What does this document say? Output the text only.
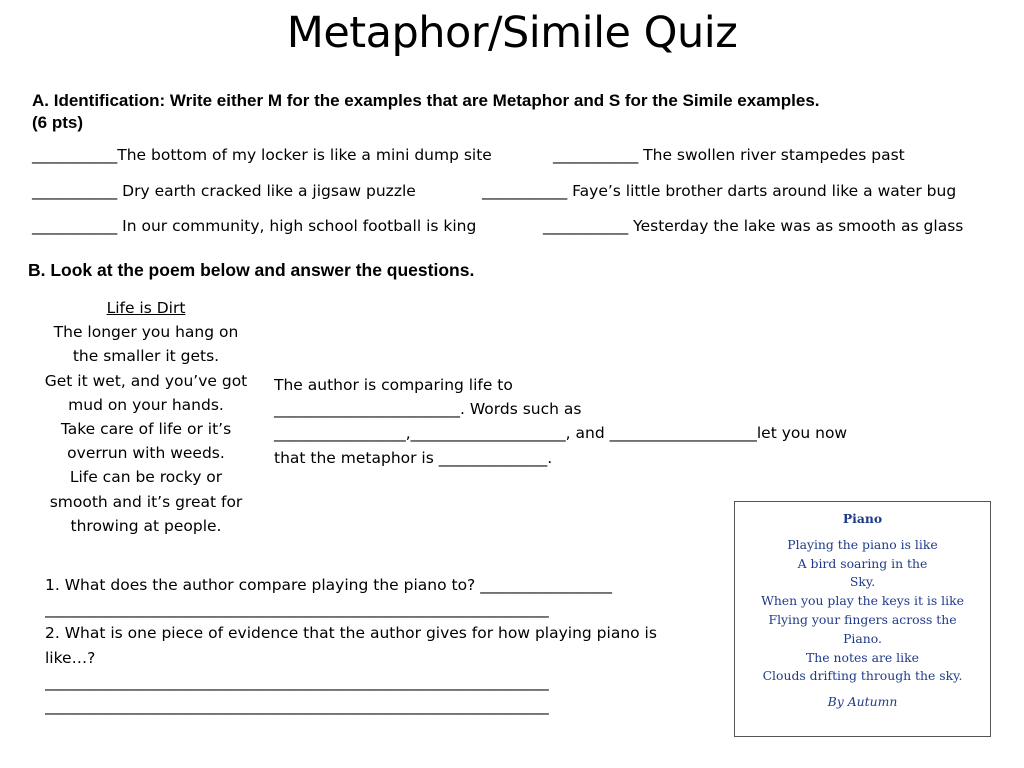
Metaphor/Simile Quiz
A. Identification: Write either M for the examples that are Metaphor and S for the Simile examples.
(6 pts)
___________The bottom of my locker is like a mini dump site	___________ The swollen river stampedes past
___________ Dry earth cracked like a jigsaw puzzle	___________ Faye’s little brother darts around like a water bug
___________ In our community, high school football is king	___________ Yesterday the lake was as smooth as glass
B. Look at the poem below and answer the questions.
Life is Dirt
The longer you hang on
the smaller it gets.
Get it wet, and you’ve got
mud on your hands.
Take care of life or it’s
overrun with weeds.
Life can be rocky or
smooth and it’s great for
throwing at people.
The author is comparing life to
________________________. Words such as
_________________,____________________, and ___________________let you now
that the metaphor is ______________.
1. What does the author compare playing the piano to? _________________
_________________________________________________________________
2. What is one piece of evidence that the author gives for how playing piano is
like…?
_________________________________________________________________
_________________________________________________________________
Piano
Playing the piano is like
A bird soaring in the
Sky.
When you play the keys it is like
Flying your fingers across the
Piano.
The notes are like
Clouds drifting through the sky.
By Autumn
